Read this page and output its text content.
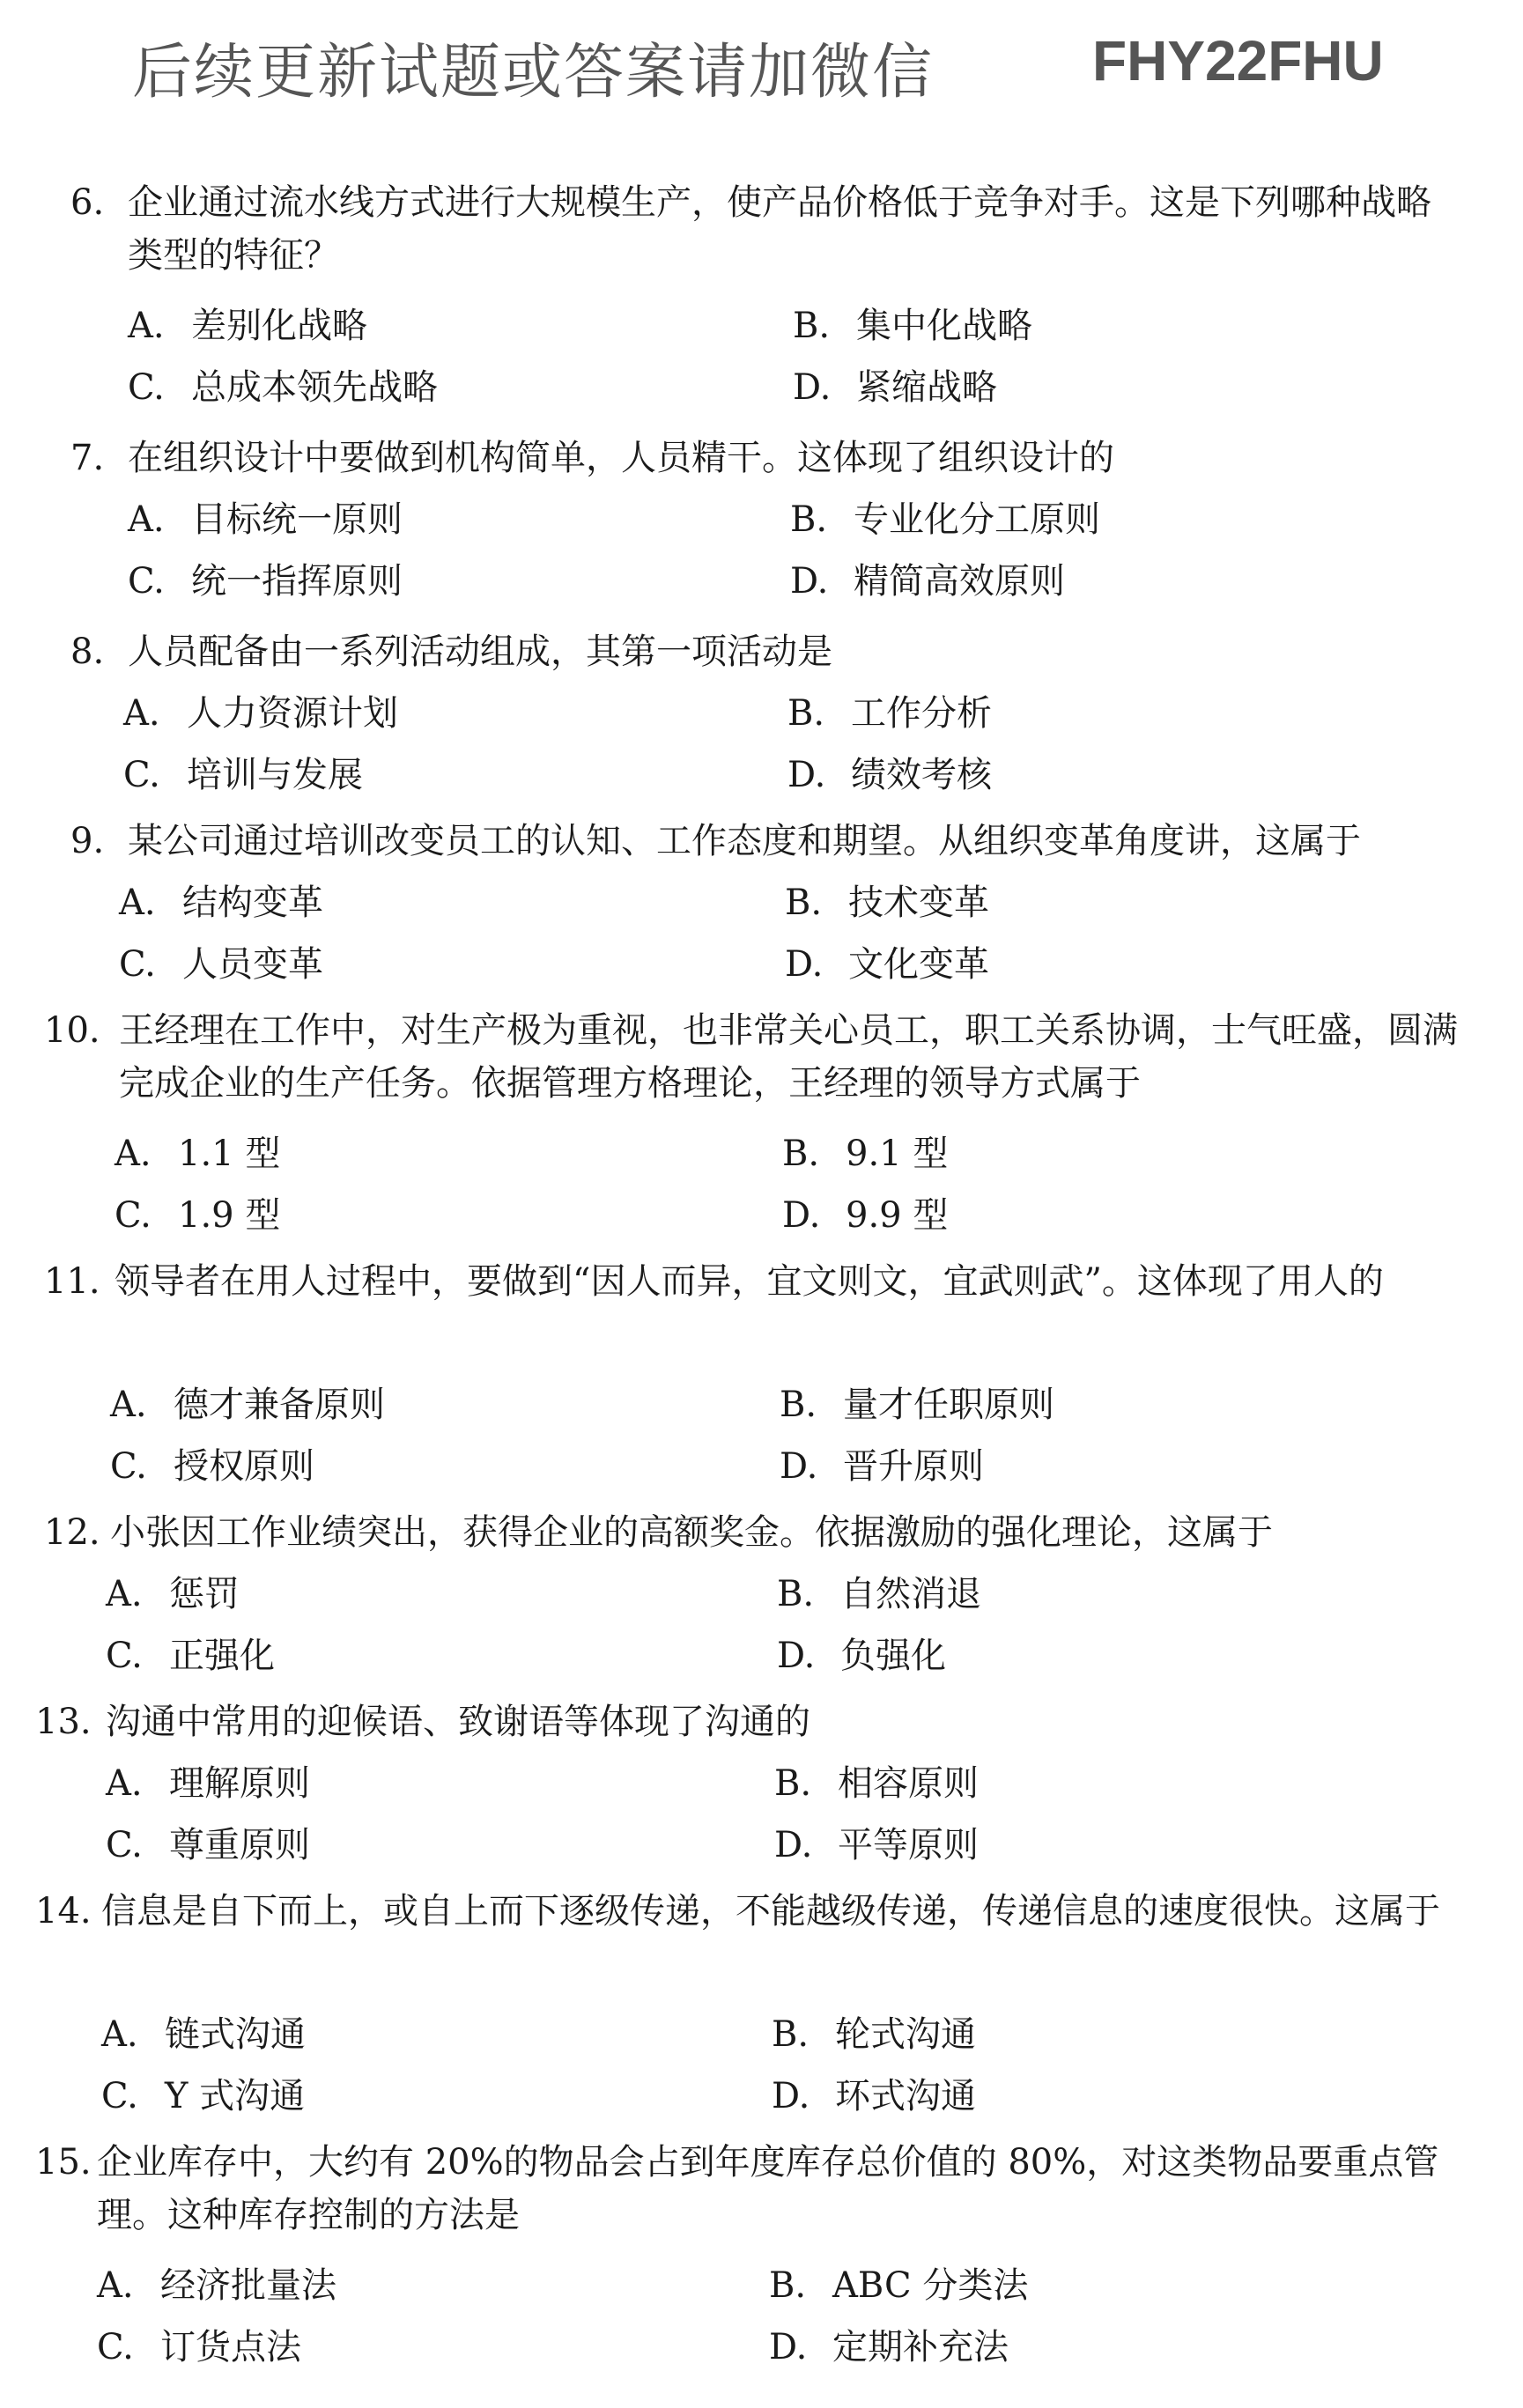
后续更新试题或答案请加微信	FHY22FHU
6. 企业通过流水线方式进行大规模生产，使产品价格低于竞争对手。这是下列哪种战略类型的特征？
A. 差别化战略	B. 集中化战略
C. 总成本领先战略	D. 紧缩战略
7. 在组织设计中要做到机构简单，人员精干。这体现了组织设计的
A. 目标统一原则	B. 专业化分工原则
C. 统一指挥原则	D. 精简高效原则
8. 人员配备由一系列活动组成，其第一项活动是
A. 人力资源计划	B. 工作分析
C. 培训与发展	D. 绩效考核
9. 某公司通过培训改变员工的认知、工作态度和期望。从组织变革角度讲，这属于
A. 结构变革	B. 技术变革
C. 人员变革	D. 文化变革
10. 王经理在工作中，对生产极为重视，也非常关心员工，职工关系协调，士气旺盛，圆满完成企业的生产任务。依据管理方格理论，王经理的领导方式属于
A. 1.1 型	B. 9.1 型
C. 1.9 型	D. 9.9 型
11. 领导者在用人过程中，要做到“因人而异，宜文则文，宜武则武”。这体现了用人的
A. 德才兼备原则	B. 量才任职原则
C. 授权原则	D. 晋升原则
12. 小张因工作业绩突出，获得企业的高额奖金。依据激励的强化理论，这属于
A. 惩罚	B. 自然消退
C. 正强化	D. 负强化
13. 沟通中常用的迎候语、致谢语等体现了沟通的
A. 理解原则	B. 相容原则
C. 尊重原则	D. 平等原则
14. 信息是自下而上，或自上而下逐级传递，不能越级传递，传递信息的速度很快。这属于
A. 链式沟通	B. 轮式沟通
C. Y 式沟通	D. 环式沟通
15. 企业库存中，大约有 20%的物品会占到年度库存总价值的 80%，对这类物品要重点管理。这种库存控制的方法是
A. 经济批量法	B. ABC 分类法
C. 订货点法	D. 定期补充法
